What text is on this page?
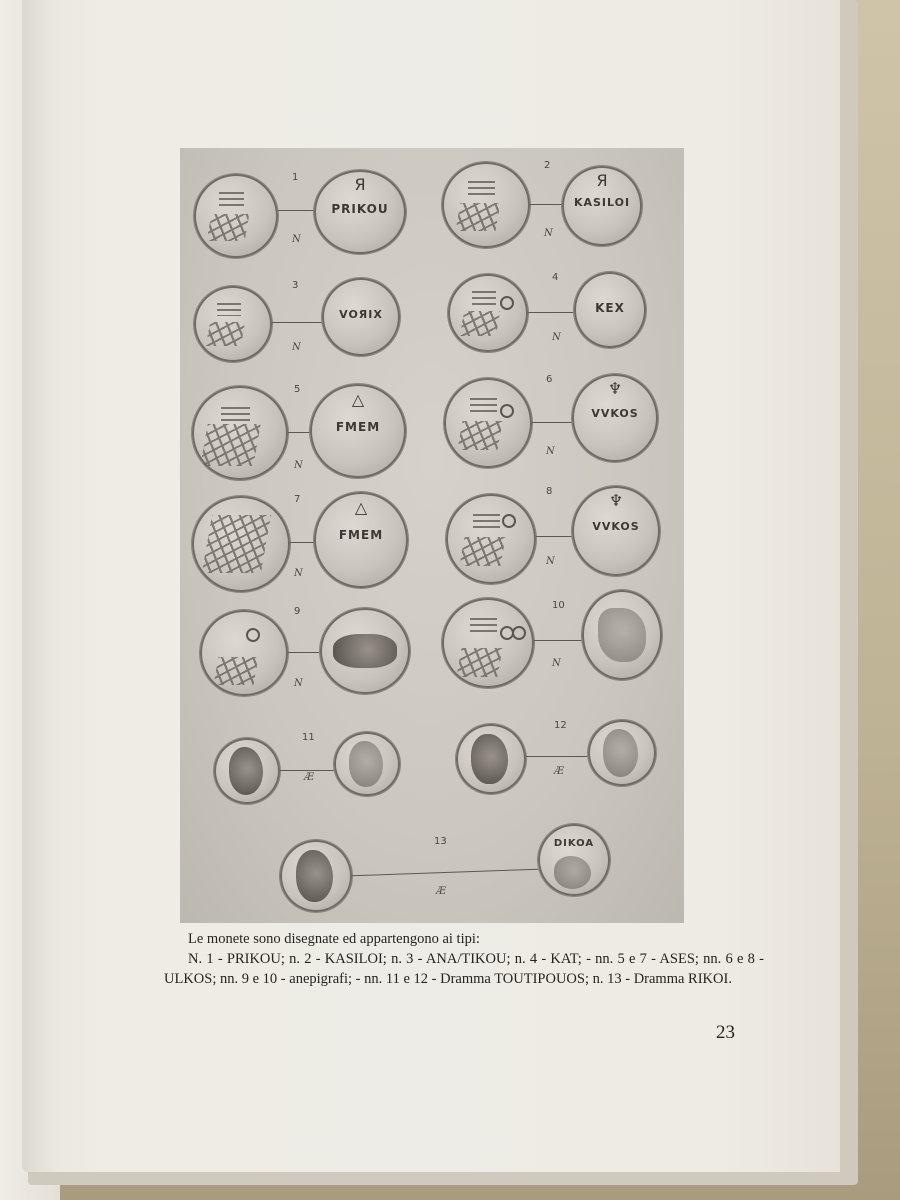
1	Я
PRIKOU
N
2
Я
KASILOI
N
3
VOЯIX
N
4
KEX
N
5
△
FMEM
N
6	♆
VVKOS
N
7	△
FMEM
N
8	♆
VVKOS
N
9
N
10
N
11
Æ
12
Æ
13	DIKOA
Æ

Le monete sono disegnate ed appartengono ai tipi:

N. 1 - PRIKOU; n. 2 - KASILOI; n. 3 - ANA/TIKOU; n. 4 - KAT; - nn. 5 e 7 - ASES; nn. 6 e 8 - ULKOS; nn. 9 e 10 - anepigrafi; - nn. 11 e 12 - Dramma TOUTIPOUOS; n. 13 - Dramma RIKOI.

23
